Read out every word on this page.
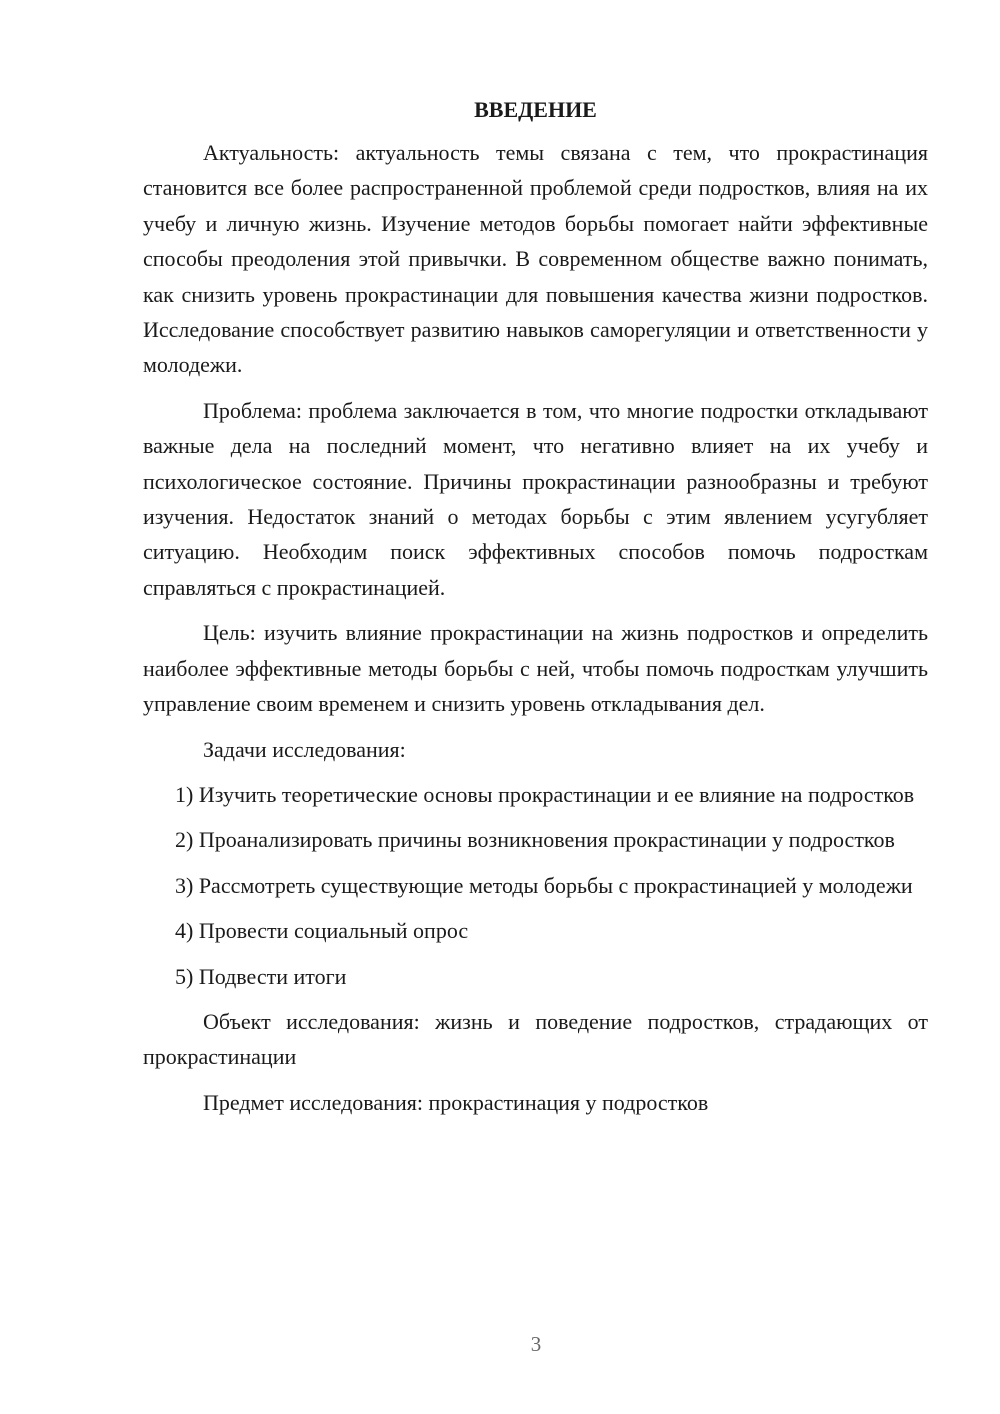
ВВЕДЕНИЕ

Актуальность: актуальность темы связана с тем, что прокрастинация становится все более распространенной проблемой среди подростков, влияя на их учебу и личную жизнь. Изучение методов борьбы помогает найти эффективные способы преодоления этой привычки. В современном обществе важно понимать, как снизить уровень прокрастинации для повышения качества жизни подростков. Исследование способствует развитию навыков саморегуляции и ответственности у молодежи.

Проблема: проблема заключается в том, что многие подростки откладывают важные дела на последний момент, что негативно влияет на их учебу и психологическое состояние. Причины прокрастинации разнообразны и требуют изучения. Недостаток знаний о методах борьбы с этим явлением усугубляет ситуацию. Необходим поиск эффективных способов помочь подросткам справляться с прокрастинацией.

Цель: изучить влияние прокрастинации на жизнь подростков и определить наиболее эффективные методы борьбы с ней, чтобы помочь подросткам улучшить управление своим временем и снизить уровень откладывания дел.

Задачи исследования:

1) Изучить теоретические основы прокрастинации и ее влияние на подростков

2) Проанализировать причины возникновения прокрастинации у подростков

3) Рассмотреть существующие методы борьбы с прокрастинацией у молодежи

4) Провести социальный опрос

5) Подвести итоги

Объект исследования: жизнь и поведение подростков, страдающих от прокрастинации

Предмет исследования: прокрастинация у подростков

3
